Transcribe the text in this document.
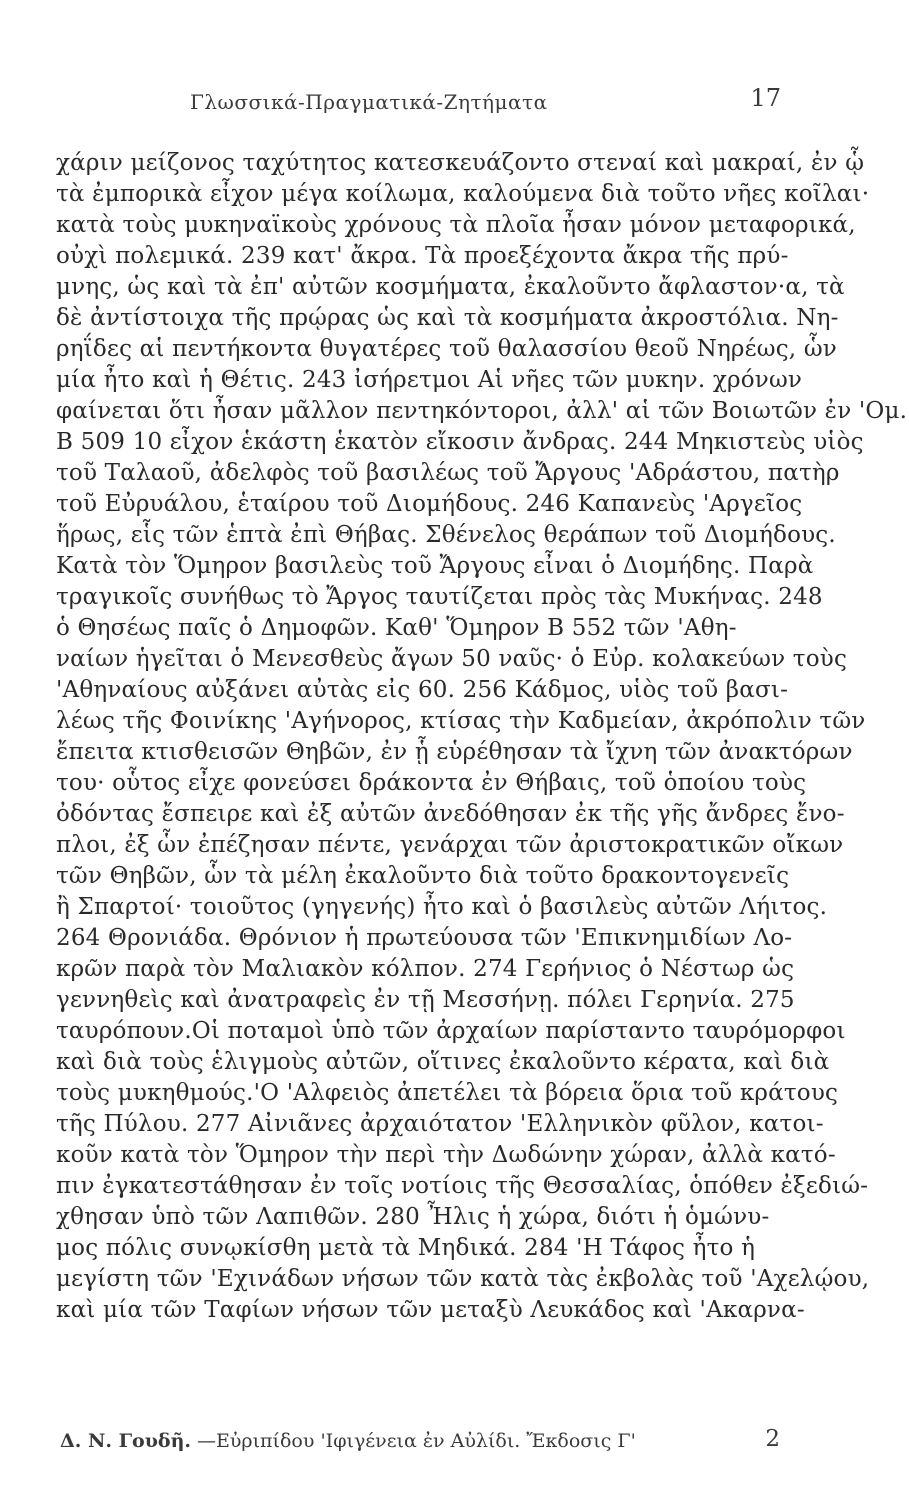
Γλωσσικά-Πραγματικά-Ζητήματα	17
χάριν μείζονος ταχύτητος κατεσκευάζοντο στεναί καὶ μακραί, ἐν ᾧ
τὰ ἐμπορικὰ εἶχον μέγα κοίλωμα, καλούμενα διὰ τοῦτο νῆες κοῖλαι·
κατὰ τοὺς μυκηναϊκοὺς χρόνους τὰ πλοῖα ἦσαν μόνον μεταφορικά,
οὐχὶ πολεμικά. 239 κατ' ἄκρα. Τὰ προεξέχοντα ἄκρα τῆς πρύ-
μνης, ὡς καὶ τὰ ἐπ' αὐτῶν κοσμήματα, ἐκαλοῦντο ἄφλαστον·α, τὰ
δὲ ἀντίστοιχα τῆς πρῴρας ὡς καὶ τὰ κοσμήματα ἀκροστόλια. Νη-
ρηΐδες αἱ πεντήκοντα θυγατέρες τοῦ θαλασσίου θεοῦ Νηρέως, ὧν
μία ἦτο καὶ ἡ Θέτις. 243 ἰσήρετμοι Αἱ νῆες τῶν μυκην. χρόνων
φαίνεται ὅτι ἦσαν μᾶλλον πεντηκόντοροι, ἀλλ' αἱ τῶν Βοιωτῶν ἐν 'Ομ.
Β 509 10 εἶχον ἑκάστη ἑκατὸν εἴκοσιν ἄνδρας. 244 Μηκιστεὺς υἱὸς
τοῦ Ταλαοῦ, ἀδελφὸς τοῦ βασιλέως τοῦ Ἄργους 'Αδράστου, πατὴρ
τοῦ Εὐρυάλου, ἑταίρου τοῦ Διομήδους. 246 Καπανεὺς 'Αργεῖος
ἥρως, εἷς τῶν ἑπτὰ ἐπὶ Θήβας. Σθένελος θεράπων τοῦ Διομήδους.
Κατὰ τὸν Ὅμηρον βασιλεὺς τοῦ Ἄργους εἶναι ὁ Διομήδης. Παρὰ
τραγικοῖς συνήθως τὸ Ἄργος ταυτίζεται πρὸς τὰς Μυκήνας. 248
ὁ Θησέως παῖς ὁ Δημοφῶν. Καθ' Ὅμηρον Β 552 τῶν 'Αθη-
ναίων ἡγεῖται ὁ Μενεσθεὺς ἄγων 50 ναῦς· ὁ Εὐρ. κολακεύων τοὺς
'Αθηναίους αὐξάνει αὐτὰς εἰς 60. 256 Κάδμος, υἱὸς τοῦ βασι-
λέως τῆς Φοινίκης 'Αγήνορος, κτίσας τὴν Καδμείαν, ἀκρόπολιν τῶν
ἔπειτα κτισθεισῶν Θηβῶν, ἐν ᾗ εὑρέθησαν τὰ ἴχνη τῶν ἀνακτόρων
του· οὗτος εἶχε φονεύσει δράκοντα ἐν Θήβαις, τοῦ ὁποίου τοὺς
ὀδόντας ἔσπειρε καὶ ἐξ αὐτῶν ἀνεδόθησαν ἐκ τῆς γῆς ἄνδρες ἔνο-
πλοι, ἐξ ὧν ἐπέζησαν πέντε, γενάρχαι τῶν ἀριστοκρατικῶν οἴκων
τῶν Θηβῶν, ὧν τὰ μέλη ἐκαλοῦντο διὰ τοῦτο δρακοντογενεῖς
ἢ Σπαρτοί· τοιοῦτος (γηγενής) ἦτο καὶ ὁ βασιλεὺς αὐτῶν Λήιτος.
264 Θρονιάδα. Θρόνιον ἡ πρωτεύουσα τῶν 'Επικνημιδίων Λο-
κρῶν παρὰ τὸν Μαλιακὸν κόλπον. 274 Γερήνιος ὁ Νέστωρ ὡς
γεννηθεὶς καὶ ἀνατραφεὶς ἐν τῇ Μεσσήνῃ. πόλει Γερηνία. 275
ταυρόπουν.Οἱ ποταμοὶ ὑπὸ τῶν ἀρχαίων παρίσταντο ταυρόμορφοι
καὶ διὰ τοὺς ἑλιγμοὺς αὐτῶν, οἵτινες ἐκαλοῦντο κέρατα, καὶ διὰ
τοὺς μυκηθμούς.'Ο 'Αλφειὸς ἀπετέλει τὰ βόρεια ὅρια τοῦ κράτους
τῆς Πύλου. 277 Αἰνιᾶνες ἀρχαιότατον 'Ελληνικὸν φῦλον, κατοι-
κοῦν κατὰ τὸν Ὅμηρον τὴν περὶ τὴν Δωδώνην χώραν, ἀλλὰ κατό-
πιν ἐγκατεστάθησαν ἐν τοῖς νοτίοις τῆς Θεσσαλίας, ὁπόθεν ἐξεδιώ-
χθησαν ὑπὸ τῶν Λαπιθῶν. 280 Ἦλις ἡ χώρα, διότι ἡ ὁμώνυ-
μος πόλις συνῳκίσθη μετὰ τὰ Μηδικά. 284 'Η Τάφος ἦτο ἡ
μεγίστη τῶν 'Εχινάδων νήσων τῶν κατὰ τὰς ἐκβολὰς τοῦ 'Αχελῴου,
καὶ μία τῶν Ταφίων νήσων τῶν μεταξὺ Λευκάδος καὶ 'Ακαρνα-
Δ. Ν. Γουδῆ. —Εὐριπίδου 'Ιφιγένεια ἐν Αὐλίδι. Ἔκδοσις Γ'	2
